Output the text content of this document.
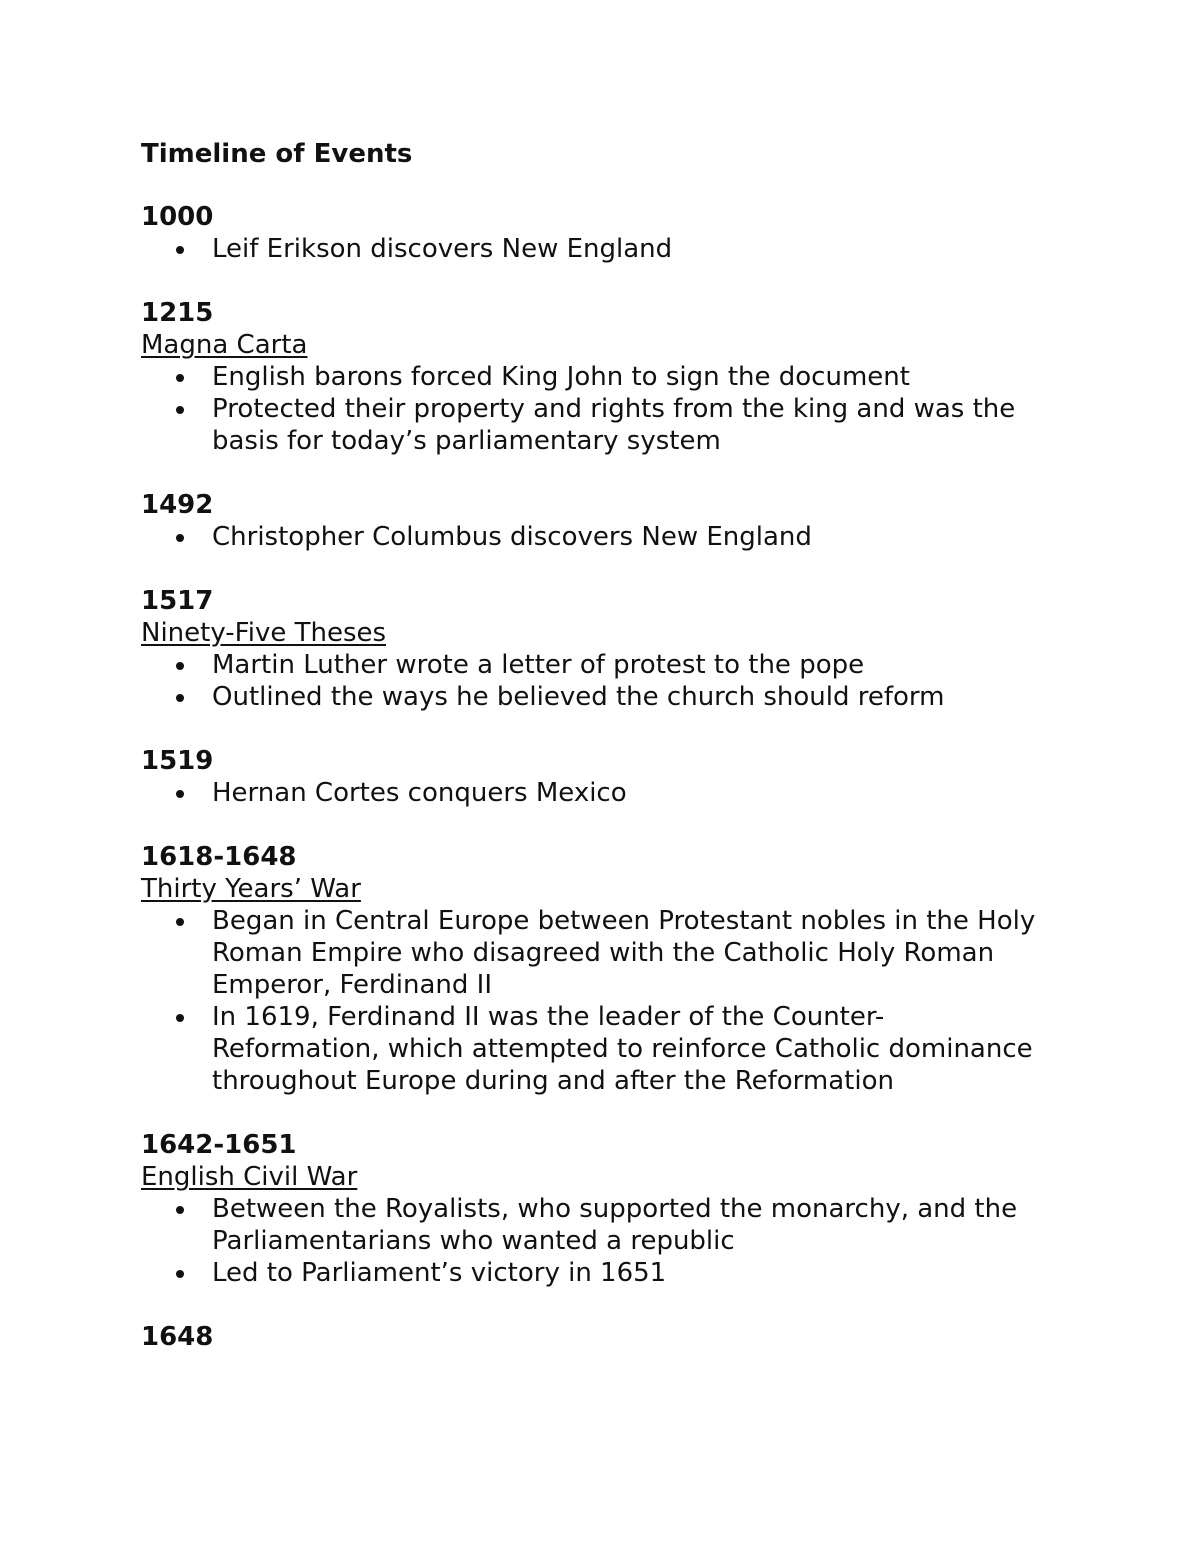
Timeline of Events
1000
Leif Erikson discovers New England
1215
Magna Carta
English barons forced King John to sign the document
Protected their property and rights from the king and was the basis for today’s parliamentary system
1492
Christopher Columbus discovers New England
1517
Ninety-Five Theses
Martin Luther wrote a letter of protest to the pope
Outlined the ways he believed the church should reform
1519
Hernan Cortes conquers Mexico
1618-1648
Thirty Years’ War
Began in Central Europe between Protestant nobles in the Holy Roman Empire who disagreed with the Catholic Holy Roman Emperor, Ferdinand II
In 1619, Ferdinand II was the leader of the Counter-Reformation, which attempted to reinforce Catholic dominance throughout Europe during and after the Reformation
1642-1651
English Civil War
Between the Royalists, who supported the monarchy, and the Parliamentarians who wanted a republic
Led to Parliament’s victory in 1651
1648
